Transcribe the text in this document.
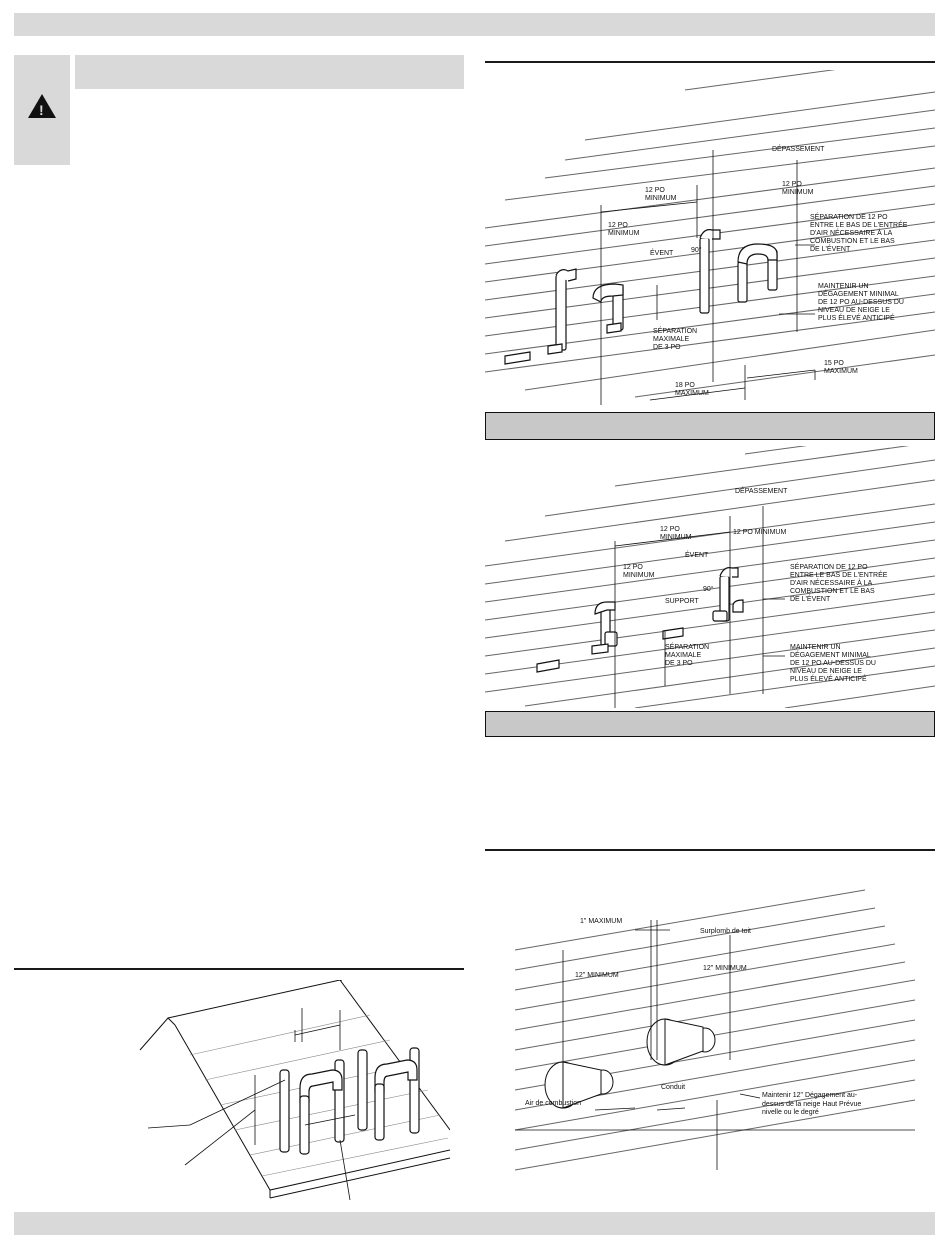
!
DÉPASSEMENT
12 PO
MINIMUM
12 PO
MINIMUM
12 PO
MINIMUM
ÉVENT	90°
SÉPARATION DE 12 PO
ENTRE LE BAS DE L'ENTRÉE
D'AIR NÉCESSAIRE À LA
COMBUSTION ET LE BAS
DE L'ÉVENT
MAINTENIR UN
DÉGAGEMENT MINIMAL
DE 12 PO AU-DESSUS DU
NIVEAU DE NEIGE LE
PLUS ÉLEVÉ ANTICIPÉ
SÉPARATION
MAXIMALE
DE 3 PO
15 PO
MAXIMUM
18 PO
MAXIMUM
DÉPASSEMENT
12 PO
MINIMUM
12 PO MINIMUM
12 PO
MINIMUM
ÉVENT
90°
SUPPORT
SÉPARATION DE 12 PO
ENTRE LE BAS DE L'ENTRÉE
D'AIR NÉCESSAIRE À LA
COMBUSTION ET LE BAS
DE L'ÉVENT
MAINTENIR UN
DÉGAGEMENT MINIMAL
DE 12 PO AU-DESSUS DU
NIVEAU DE NEIGE LE
PLUS ÉLEVÉ ANTICIPÉ
SÉPARATION
MAXIMALE
DE 3 PO
1" MAXIMUM
Surplomb de toit
12" MINIMUM
12" MINIMUM
Air de combustion
Conduit
Maintenir 12" Dégagement au-
dessus de la neige Haut Prévue
nivelle ou le degré
